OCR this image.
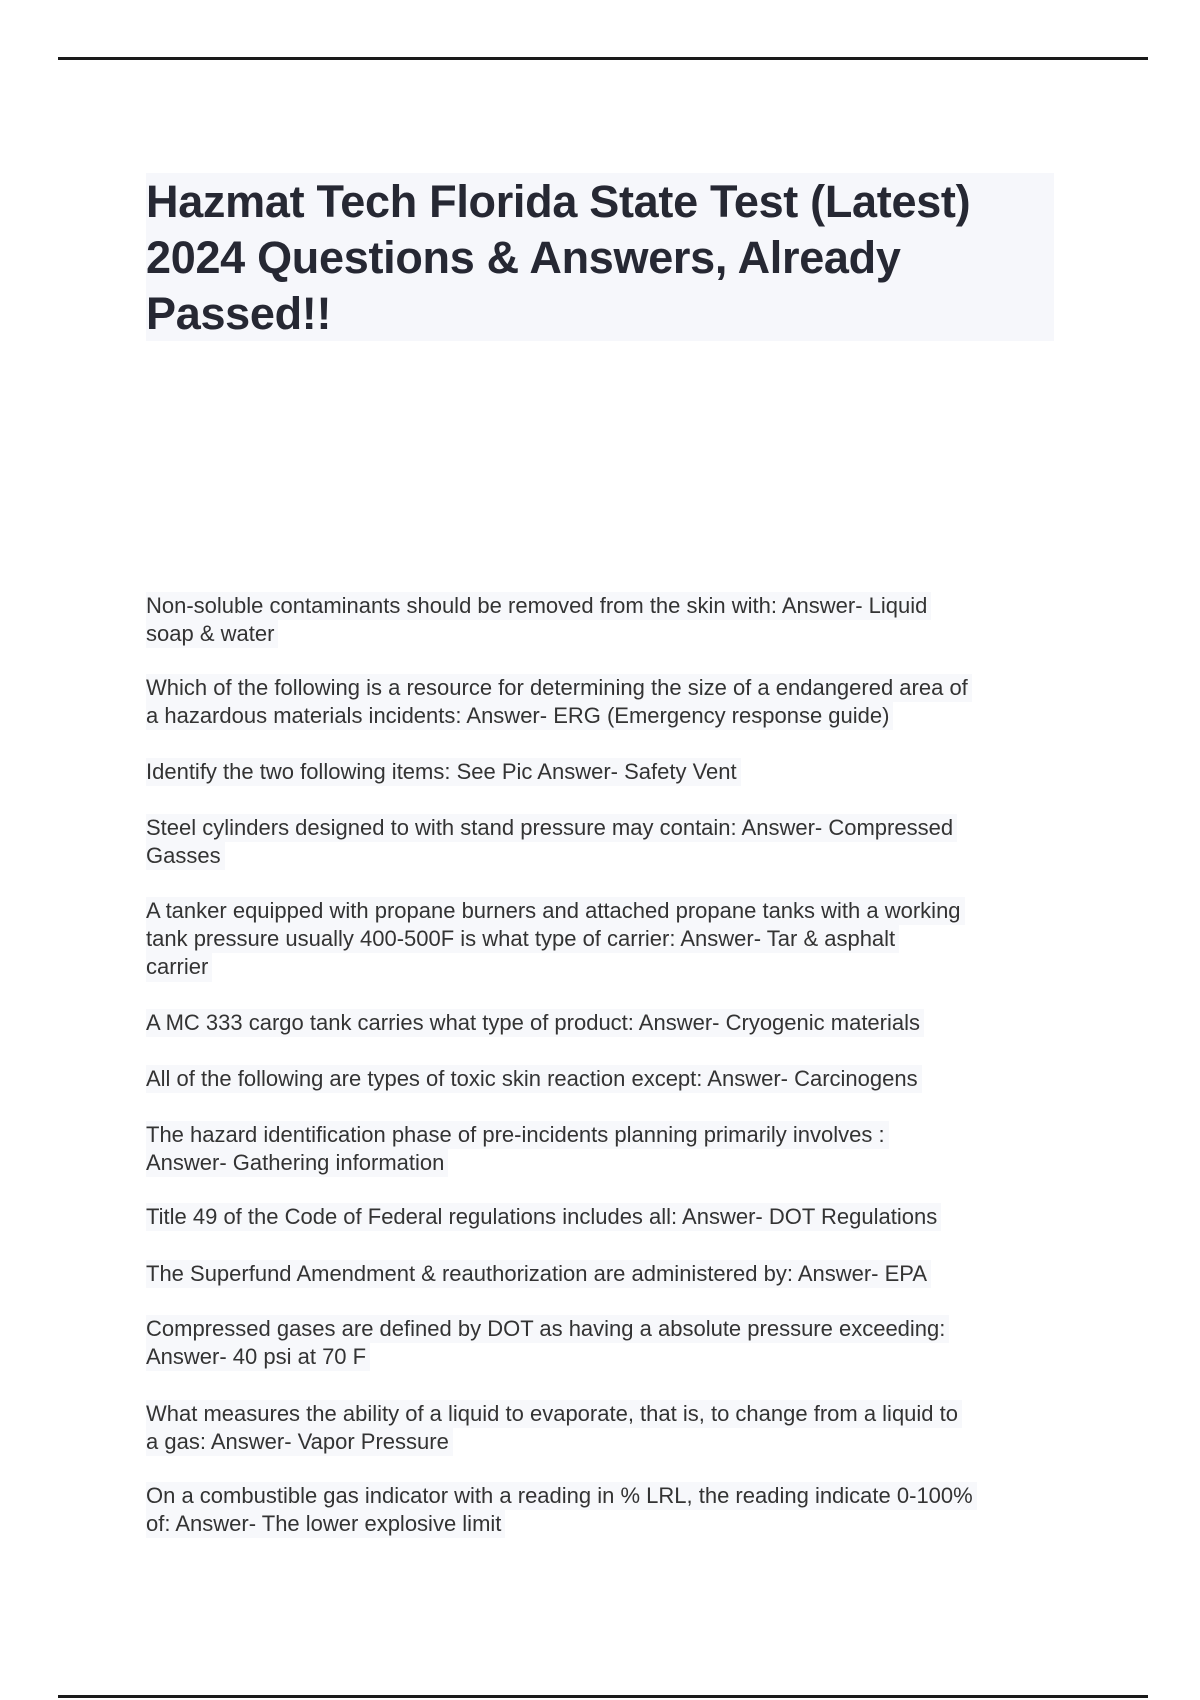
Hazmat Tech Florida State Test (Latest)
2024 Questions & Answers, Already
Passed!!
Non-soluble contaminants should be removed from the skin with: Answer- Liquid
soap & water
Which of the following is a resource for determining the size of a endangered area of
a hazardous materials incidents: Answer- ERG (Emergency response guide)
Identify the two following items: See Pic Answer- Safety Vent
Steel cylinders designed to with stand pressure may contain: Answer- Compressed
Gasses
A tanker equipped with propane burners and attached propane tanks with a working
tank pressure usually 400-500F is what type of carrier: Answer- Tar & asphalt
carrier
A MC 333 cargo tank carries what type of product: Answer- Cryogenic materials
All of the following are types of toxic skin reaction except: Answer- Carcinogens
The hazard identification phase of pre-incidents planning primarily involves :
Answer- Gathering information
Title 49 of the Code of Federal regulations includes all: Answer- DOT Regulations
The Superfund Amendment & reauthorization are administered by: Answer- EPA
Compressed gases are defined by DOT as having a absolute pressure exceeding:
Answer- 40 psi at 70 F
What measures the ability of a liquid to evaporate, that is, to change from a liquid to
a gas: Answer- Vapor Pressure
On a combustible gas indicator with a reading in % LRL, the reading indicate 0-100%
of: Answer- The lower explosive limit
